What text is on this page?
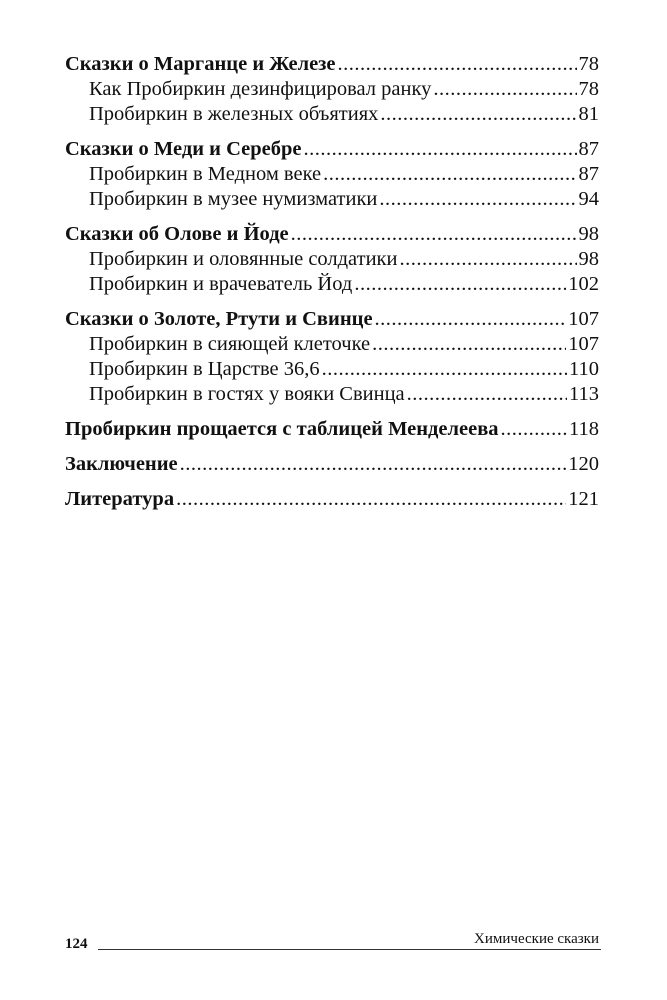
Сказки о Марганце и Железе .....	78
Как Пробиркин дезинфицировал ранку .....	78
Пробиркин в железных объятиях .....	81
Сказки о Меди и Серебре .....	87
Пробиркин в Медном веке .....	87
Пробиркин в музее нумизматики .....	94
Сказки об Олове и Йоде .....	98
Пробиркин и оловянные солдатики .....	98
Пробиркин и врачеватель Йод .....	102
Сказки о Золоте, Ртути и Свинце .....	107
Пробиркин в сияющей клеточке .....	107
Пробиркин в Царстве 36,6 .....	110
Пробиркин в гостях у вояки Свинца .....	113
Пробиркин прощается с таблицей Менделеева .....	118
Заключение .....	120
Литература .....	121
124	Химические сказки
